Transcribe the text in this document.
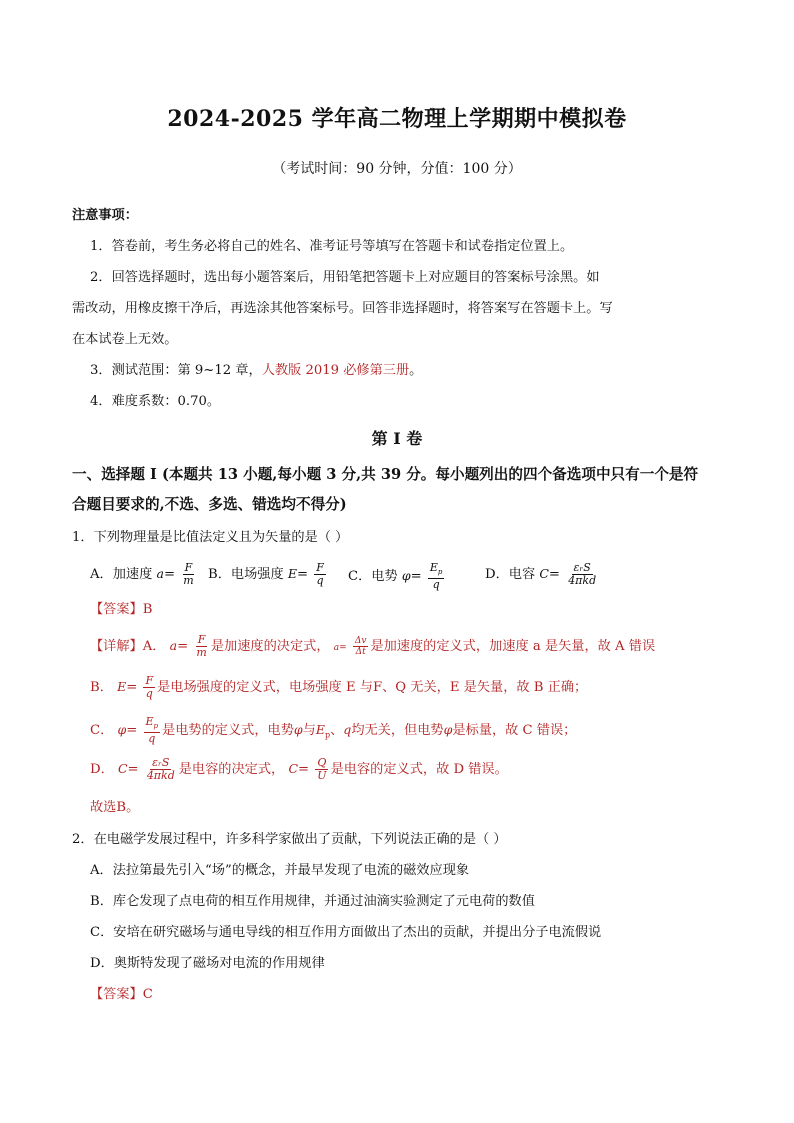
2024-2025 学年高二物理上学期期中模拟卷
（考试时间：90 分钟，分值：100 分）
注意事项：
1．答卷前，考生务必将自己的姓名、准考证号等填写在答题卡和试卷指定位置上。
2．回答选择题时，选出每小题答案后，用铅笔把答题卡上对应题目的答案标号涂黑。如
需改动，用橡皮擦干净后，再选涂其他答案标号。回答非选择题时，将答案写在答题卡上。写
在本试卷上无效。
3．测试范围：第 9~12 章，人教版 2019 必修第三册。
4．难度系数：0.70。
第 I 卷
一、选择题 I (本题共 13 小题,每小题 3 分,共 39 分。每小题列出的四个备选项中只有一个是符
合题目要求的,不选、多选、错选均不得分)
1．下列物理量是比值法定义且为矢量的是（ ）
A．加速度 $a= \frac{F}{m}$ B．电场强度 $E= \frac{F}{q}$ C．电势 $\varphi= \frac{E_p}{q}$	D．电容 $C= \frac{\text{εᵣS}}{\text{4πkd}}$
【答案】B
【详解】A． $a= \frac{F}{m}$ 是加速度的决定式， $a= \frac{\Delta v}{\Delta t}$ 是加速度的定义式，加速度 a 是矢量，故 A 错误
B． $E= \frac{F}{q}$ 是电场强度的定义式，电场强度 E 与F、Q 无关，E 是矢量，故 B 正确；
C． $\varphi= \frac{E_p}{q}$ 是电势的定义式，电势φ与$E_p$、q均无关，但电势φ是标量，故 C 错误；
D． $C= \frac{\text{εᵣS}}{\text{4πkd}}$ 是电容的决定式， $C= \frac{Q}{U}$ 是电容的定义式，故 D 错误。
故选B。
2．在电磁学发展过程中，许多科学家做出了贡献，下列说法正确的是（ ）
A．法拉第最先引入“场”的概念，并最早发现了电流的磁效应现象
B．库仑发现了点电荷的相互作用规律，并通过油滴实验测定了元电荷的数值
C．安培在研究磁场与通电导线的相互作用方面做出了杰出的贡献，并提出分子电流假说
D．奥斯特发现了磁场对电流的作用规律
【答案】C
